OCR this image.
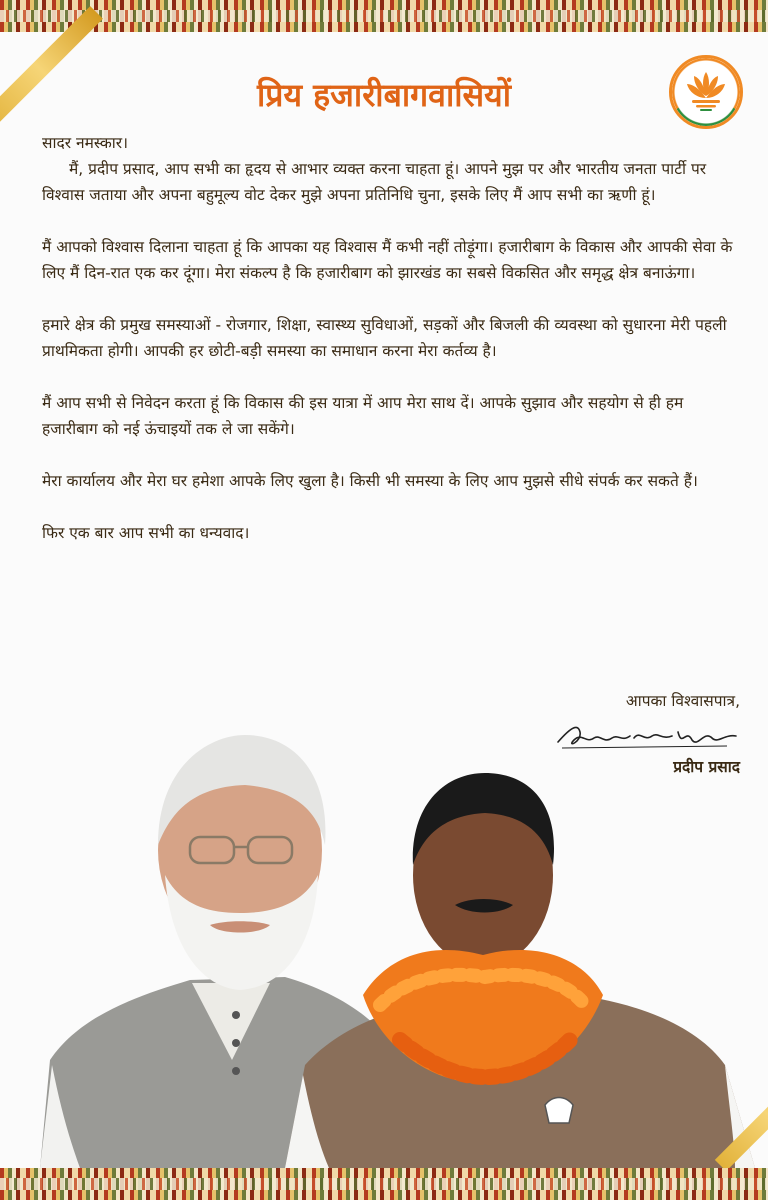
प्रिय हजारीबागवासियों

सादर नमस्कार।

मैं, प्रदीप प्रसाद, आप सभी का हृदय से आभार व्यक्त करना चाहता हूं। आपने मुझ पर और भारतीय जनता पार्टी पर विश्वास जताया और अपना बहुमूल्य वोट देकर मुझे अपना प्रतिनिधि चुना, इसके लिए मैं आप सभी का ऋणी हूं।

मैं आपको विश्वास दिलाना चाहता हूं कि आपका यह विश्वास मैं कभी नहीं तोड़ूंगा। हजारीबाग के विकास और आपकी सेवा के लिए मैं दिन-रात एक कर दूंगा। मेरा संकल्प है कि हजारीबाग को झारखंड का सबसे विकसित और समृद्ध क्षेत्र बनाऊंगा।

हमारे क्षेत्र की प्रमुख समस्याओं - रोजगार, शिक्षा, स्वास्थ्य सुविधाओं, सड़कों और बिजली की व्यवस्था को सुधारना मेरी पहली प्राथमिकता होगी। आपकी हर छोटी-बड़ी समस्या का समाधान करना मेरा कर्तव्य है।

मैं आप सभी से निवेदन करता हूं कि विकास की इस यात्रा में आप मेरा साथ दें। आपके सुझाव और सहयोग से ही हम हजारीबाग को नई ऊंचाइयों तक ले जा सकेंगे।

मेरा कार्यालय और मेरा घर हमेशा आपके लिए खुला है। किसी भी समस्या के लिए आप मुझसे सीधे संपर्क कर सकते हैं।

फिर एक बार आप सभी का धन्यवाद।

आपका विश्वासपात्र,
प्रदीप प्रसाद
